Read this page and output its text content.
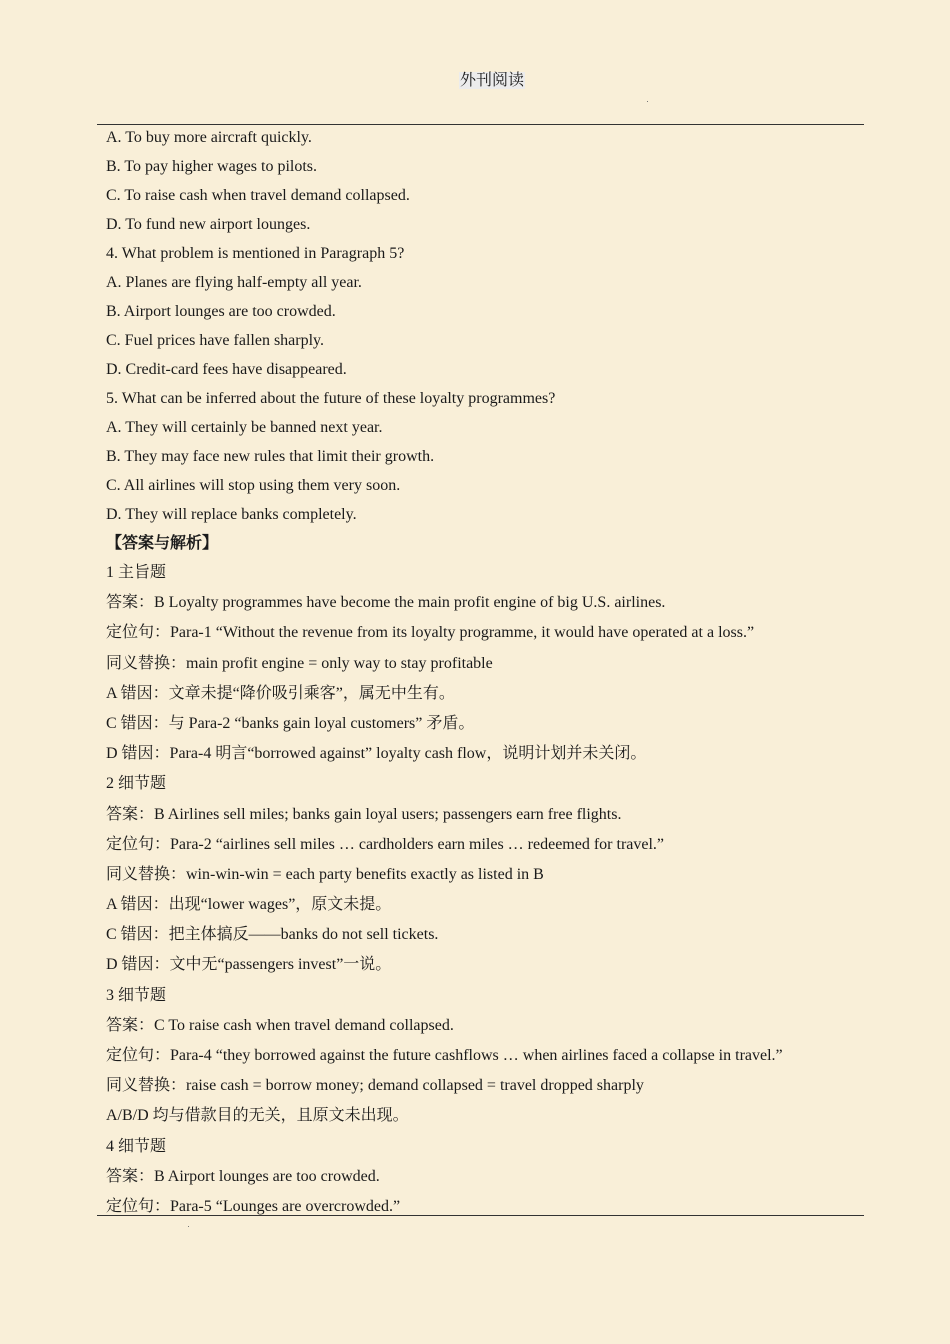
外刊阅读
A. To buy more aircraft quickly.
B. To pay higher wages to pilots.
C. To raise cash when travel demand collapsed.
D. To fund new airport lounges.
4. What problem is mentioned in Paragraph 5?
A. Planes are flying half-empty all year.
B. Airport lounges are too crowded.
C. Fuel prices have fallen sharply.
D. Credit-card fees have disappeared.
5. What can be inferred about the future of these loyalty programmes?
A. They will certainly be banned next year.
B. They may face new rules that limit their growth.
C. All airlines will stop using them very soon.
D. They will replace banks completely.
【答案与解析】
1 主旨题
答案：B Loyalty programmes have become the main profit engine of big U.S. airlines.
定位句：Para-1 “Without the revenue from its loyalty programme, it would have operated at a loss.”
同义替换：main profit engine = only way to stay profitable
A 错因：文章未提“降价吸引乘客”，属无中生有。
C 错因：与 Para-2 “banks gain loyal customers” 矛盾。
D 错因：Para-4 明言“borrowed against” loyalty cash flow，说明计划并未关闭。
2 细节题
答案：B Airlines sell miles; banks gain loyal users; passengers earn free flights.
定位句：Para-2 “airlines sell miles … cardholders earn miles … redeemed for travel.”
同义替换：win-win-win = each party benefits exactly as listed in B
A 错因：出现“lower wages”，原文未提。
C 错因：把主体搞反——banks do not sell tickets.
D 错因：文中无“passengers invest”一说。
3 细节题
答案：C To raise cash when travel demand collapsed.
定位句：Para-4 “they borrowed against the future cashflows … when airlines faced a collapse in travel.”
同义替换：raise cash = borrow money; demand collapsed = travel dropped sharply
A/B/D 均与借款目的无关，且原文未出现。
4 细节题
答案：B Airport lounges are too crowded.
定位句：Para-5 “Lounges are overcrowded.”
